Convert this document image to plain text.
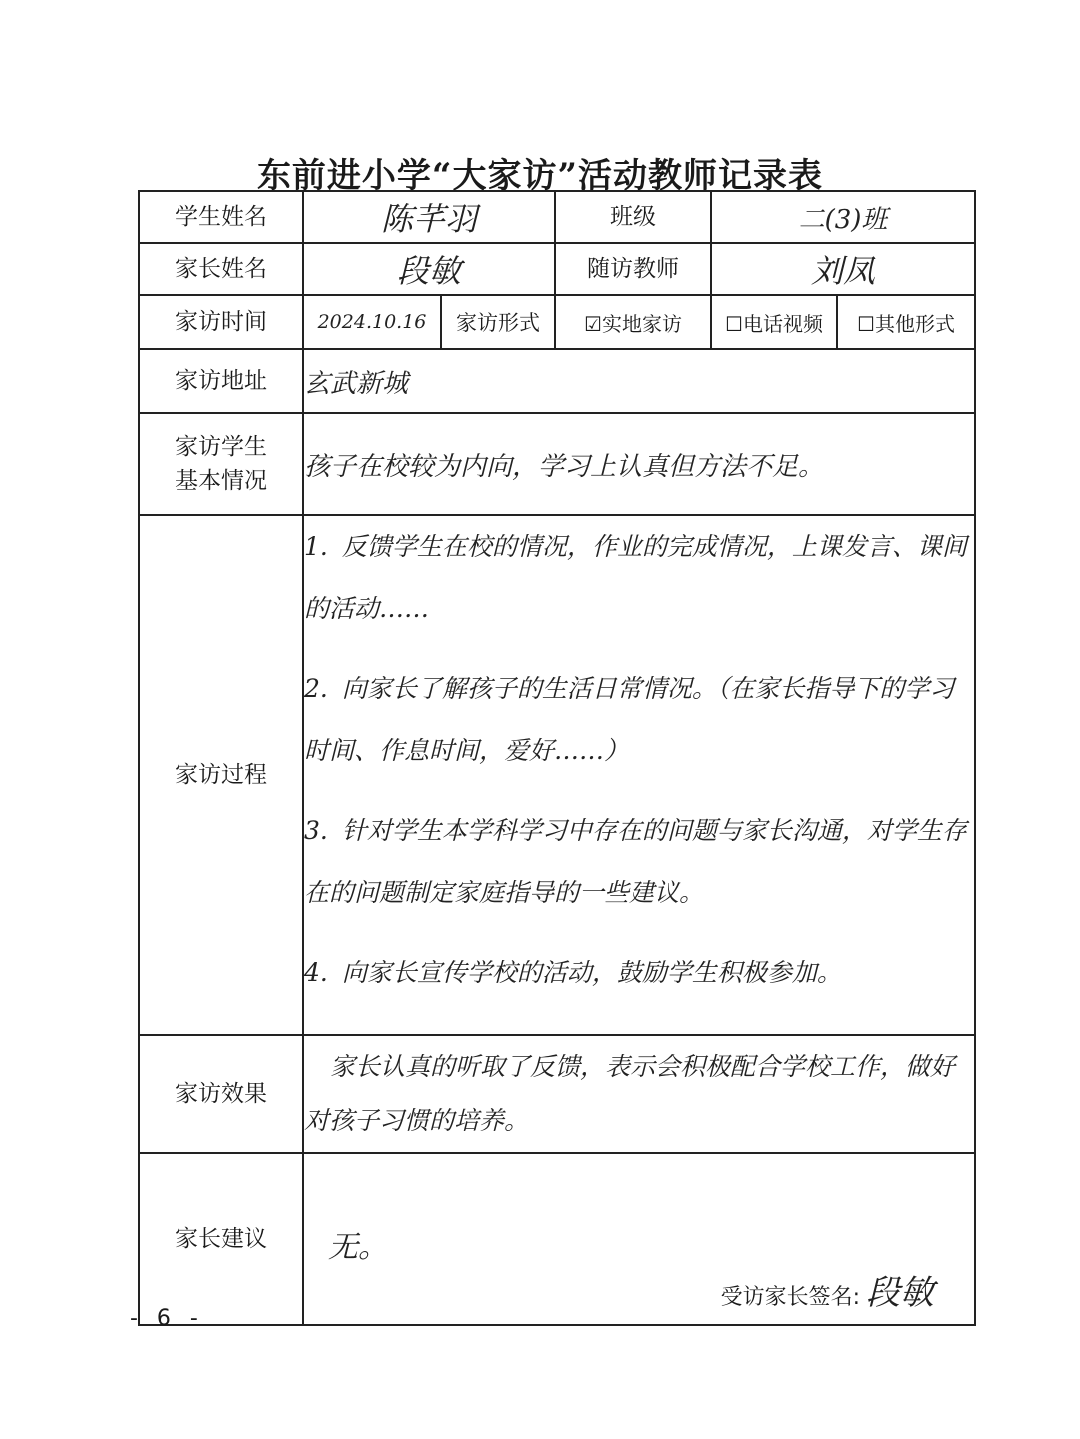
东前进小学“大家访”活动教师记录表
学生姓名	陈芊羽	班级	二(3)班	
家长姓名	段敏	随访教师	刘凤	
家访时间	2024.10.16 家访形式	☑实地家访	☐电话视频	☐其他形式
家访地址	玄武新城			

家访学生
基本情况	孩子在校较为内向，学习上认真但方法不足。			
家访过程	1. 反馈学生在校的情况，作业的完成情况，上课发言、课间的活动……

2. 向家长了解孩子的生活日常情况。（在家长指导下的学习时间、作息时间，爱好……）

3. 针对学生本学科学习中存在的问题与家长沟通，对学生存在的问题制定家庭指导的一些建议。

4. 向家长宣传学校的活动，鼓励学生积极参加。			

家访效果	家长认真的听取了反馈，表示会积极配合学校工作，做好对孩子习惯的培养。			
家长建议	无。
受访家长签名: 段敏			
- 6 -
